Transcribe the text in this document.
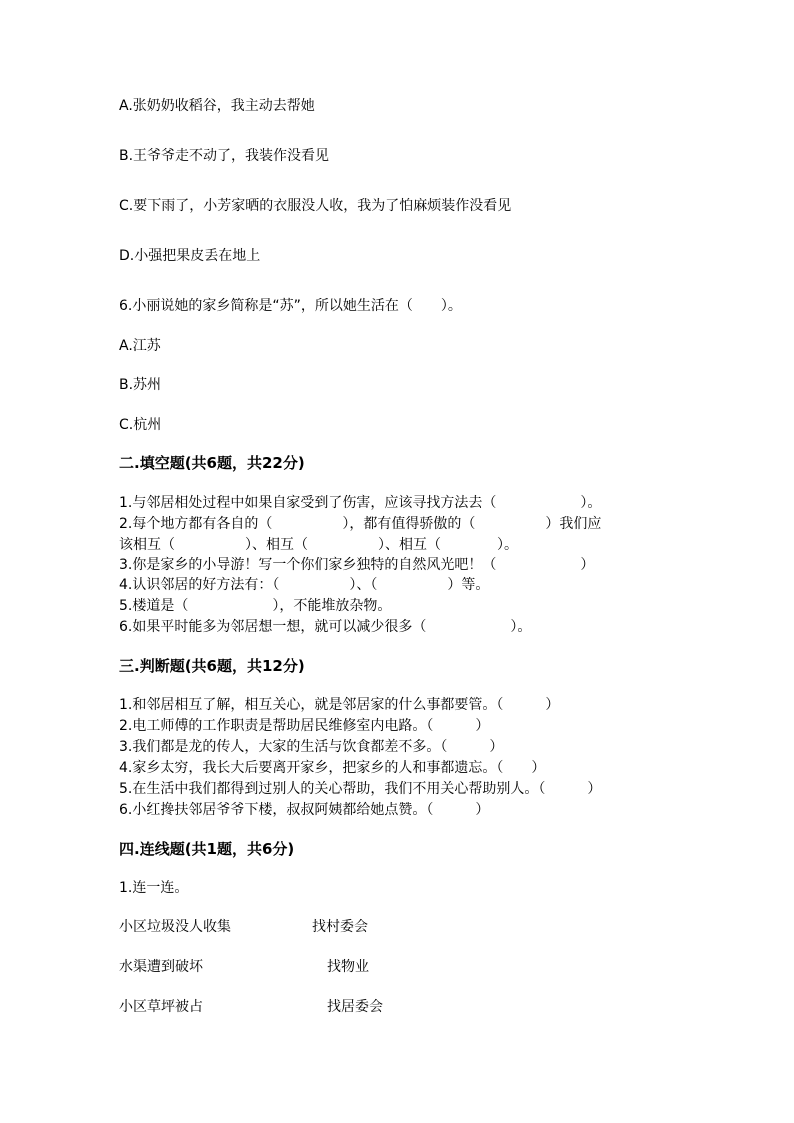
A.张奶奶收稻谷，我主动去帮她
B.王爷爷走不动了，我装作没看见
C.要下雨了，小芳家晒的衣服没人收，我为了怕麻烦装作没看见
D.小强把果皮丢在地上
6.小丽说她的家乡简称是“苏”，所以她生活在（　　）。
A.江苏
B.苏州
C.杭州
二.填空题(共6题，共22分)
1.与邻居相处过程中如果自家受到了伤害，应该寻找方法去（　　　　　　）。
2.每个地方都有各自的（　　　　　），都有值得骄傲的（　　　　　）我们应
该相互（　　　　　）、相互（　　　　　）、相互（　　　　）。
3.你是家乡的小导游！写一个你们家乡独特的自然风光吧！（　　　　　　）
4.认识邻居的好方法有：（　　　　　）、（　　　　　）等。
5.楼道是（　　　　　　），不能堆放杂物。
6.如果平时能多为邻居想一想，就可以减少很多（　　　　　　）。
三.判断题(共6题，共12分)
1.和邻居相互了解，相互关心，就是邻居家的什么事都要管。（　　　）
2.电工师傅的工作职责是帮助居民维修室内电路。（　　　）
3.我们都是龙的传人，大家的生活与饮食都差不多。（　　　）
4.家乡太穷，我长大后要离开家乡，把家乡的人和事都遗忘。（　　）
5.在生活中我们都得到过别人的关心帮助，我们不用关心帮助别人。（　　　）
6.小红搀扶邻居爷爷下楼，叔叔阿姨都给她点赞。（　　　）
四.连线题(共1题，共6分)
1.连一连。
小区垃圾没人收集
水渠遭到破坏
小区草坪被占
找村委会
找物业
找居委会
